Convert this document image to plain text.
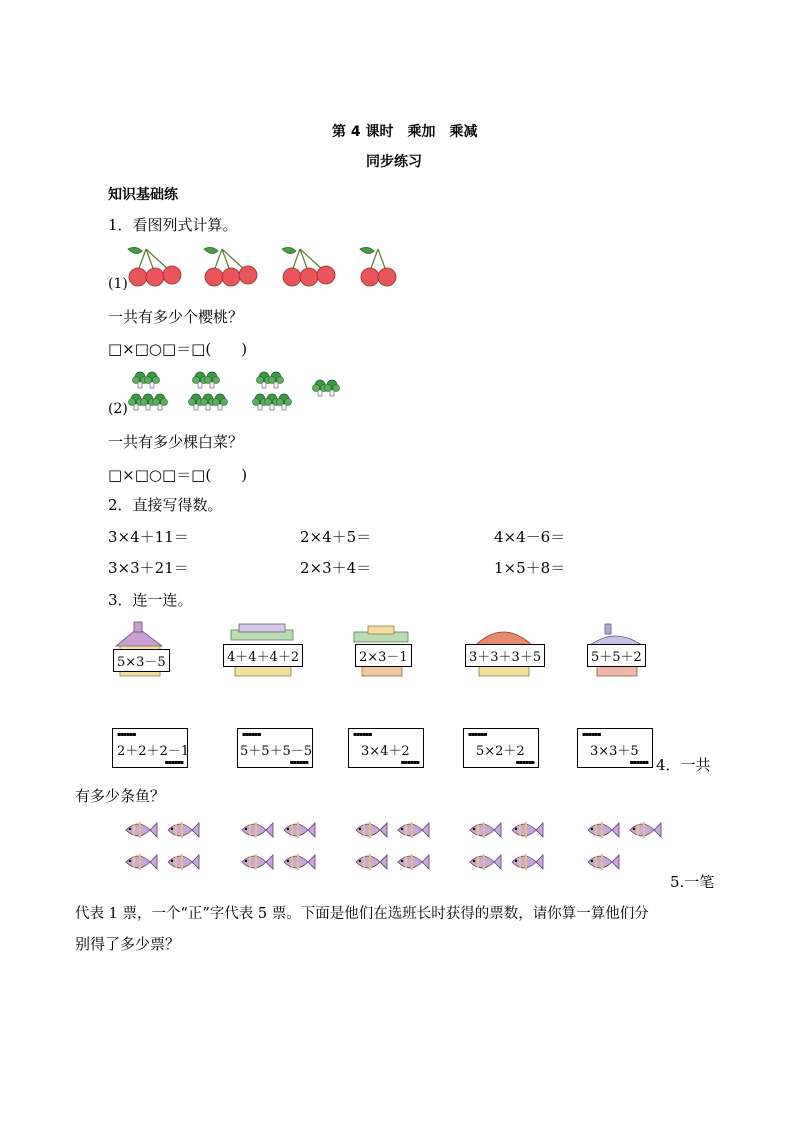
第 4 课时　乘加　乘减
同步练习
知识基础练
1．看图列式计算。
(1)
一共有多少个樱桃？
□×□○□＝□(　　)
(2)
一共有多少棵白菜？
□×□○□＝□(　　)
2．直接写得数。
3×4＋11＝	2×4＋5＝	4×4－6＝
3×3＋21＝	2×3＋4＝	1×5＋8＝
3．连一连。
5×3－5	4＋4＋4＋2	2×3－1	3＋3＋3＋5	5＋5＋2
▪▪▪▪▪▪
2＋2＋2－1
▪▪▪▪▪▪
▪▪▪▪▪▪
5＋5＋5－5
▪▪▪▪▪▪
▪▪▪▪▪▪
3×4＋2
▪▪▪▪▪▪
▪▪▪▪▪▪
5×2＋2
▪▪▪▪▪▪
▪▪▪▪▪▪
3×3＋5
▪▪▪▪▪▪ 4．一共
有多少条鱼？
5.一笔
代表 1 票，一个“正”字代表 5 票。下面是他们在选班长时获得的票数，请你算一算他们分
别得了多少票？
